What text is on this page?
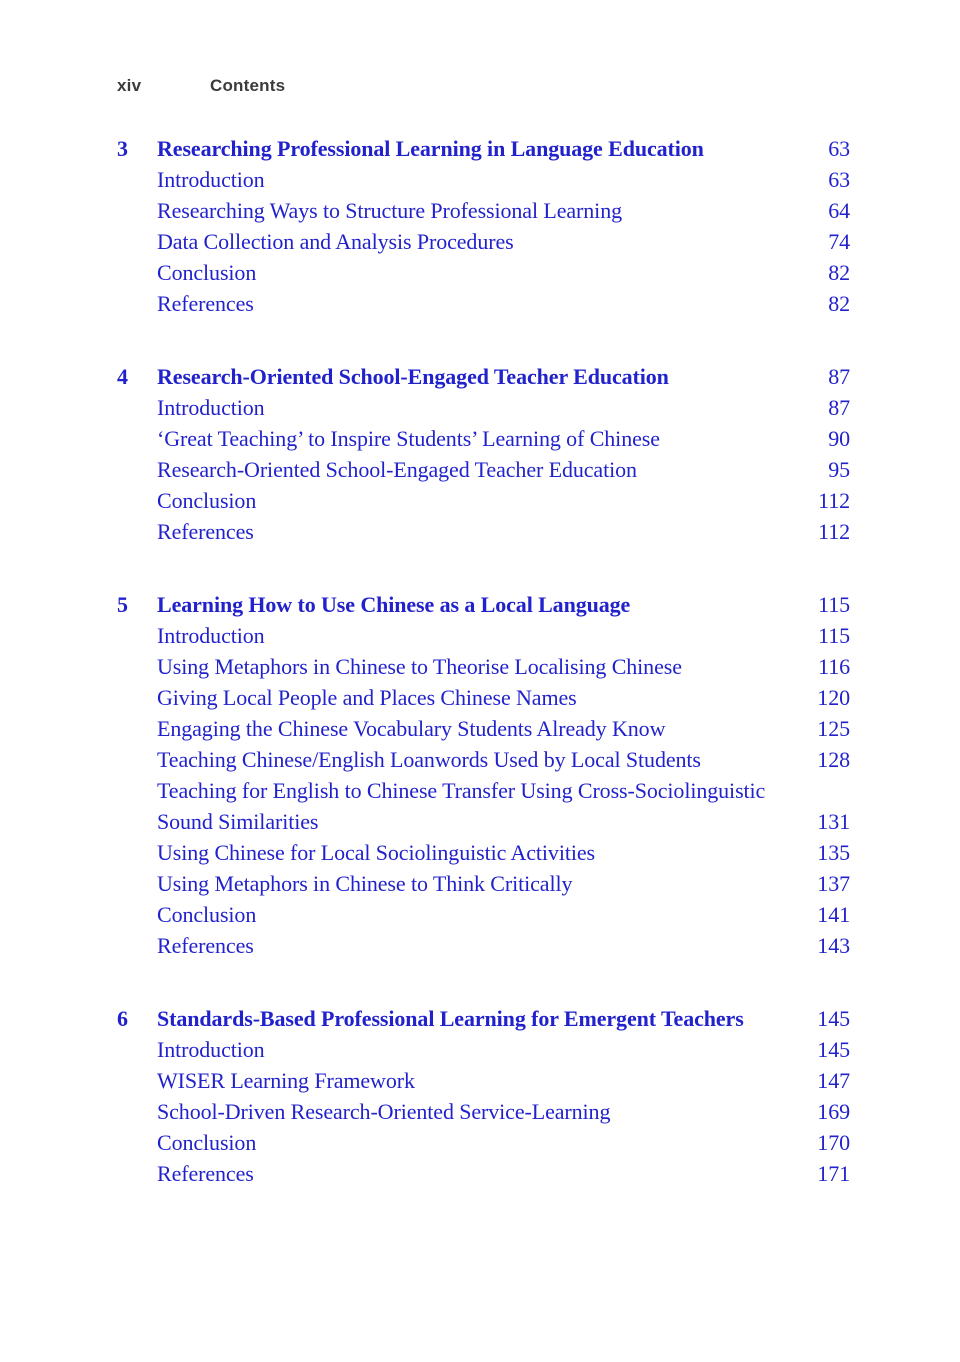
xiv	Contents
3	Researching Professional Learning in Language Education	63
Introduction	63
Researching Ways to Structure Professional Learning	64
Data Collection and Analysis Procedures	74
Conclusion	82
References	82
4	Research-Oriented School-Engaged Teacher Education	87
Introduction	87
‘Great Teaching’ to Inspire Students’ Learning of Chinese	90
Research-Oriented School-Engaged Teacher Education	95
Conclusion	112
References	112
5	Learning How to Use Chinese as a Local Language	115
Introduction	115
Using Metaphors in Chinese to Theorise Localising Chinese	116
Giving Local People and Places Chinese Names	120
Engaging the Chinese Vocabulary Students Already Know	125
Teaching Chinese/English Loanwords Used by Local Students	128
Teaching for English to Chinese Transfer Using Cross-Sociolinguistic Sound Similarities	131
Using Chinese for Local Sociolinguistic Activities	135
Using Metaphors in Chinese to Think Critically	137
Conclusion	141
References	143
6	Standards-Based Professional Learning for Emergent Teachers	145
Introduction	145
WISER Learning Framework	147
School-Driven Research-Oriented Service-Learning	169
Conclusion	170
References	171
